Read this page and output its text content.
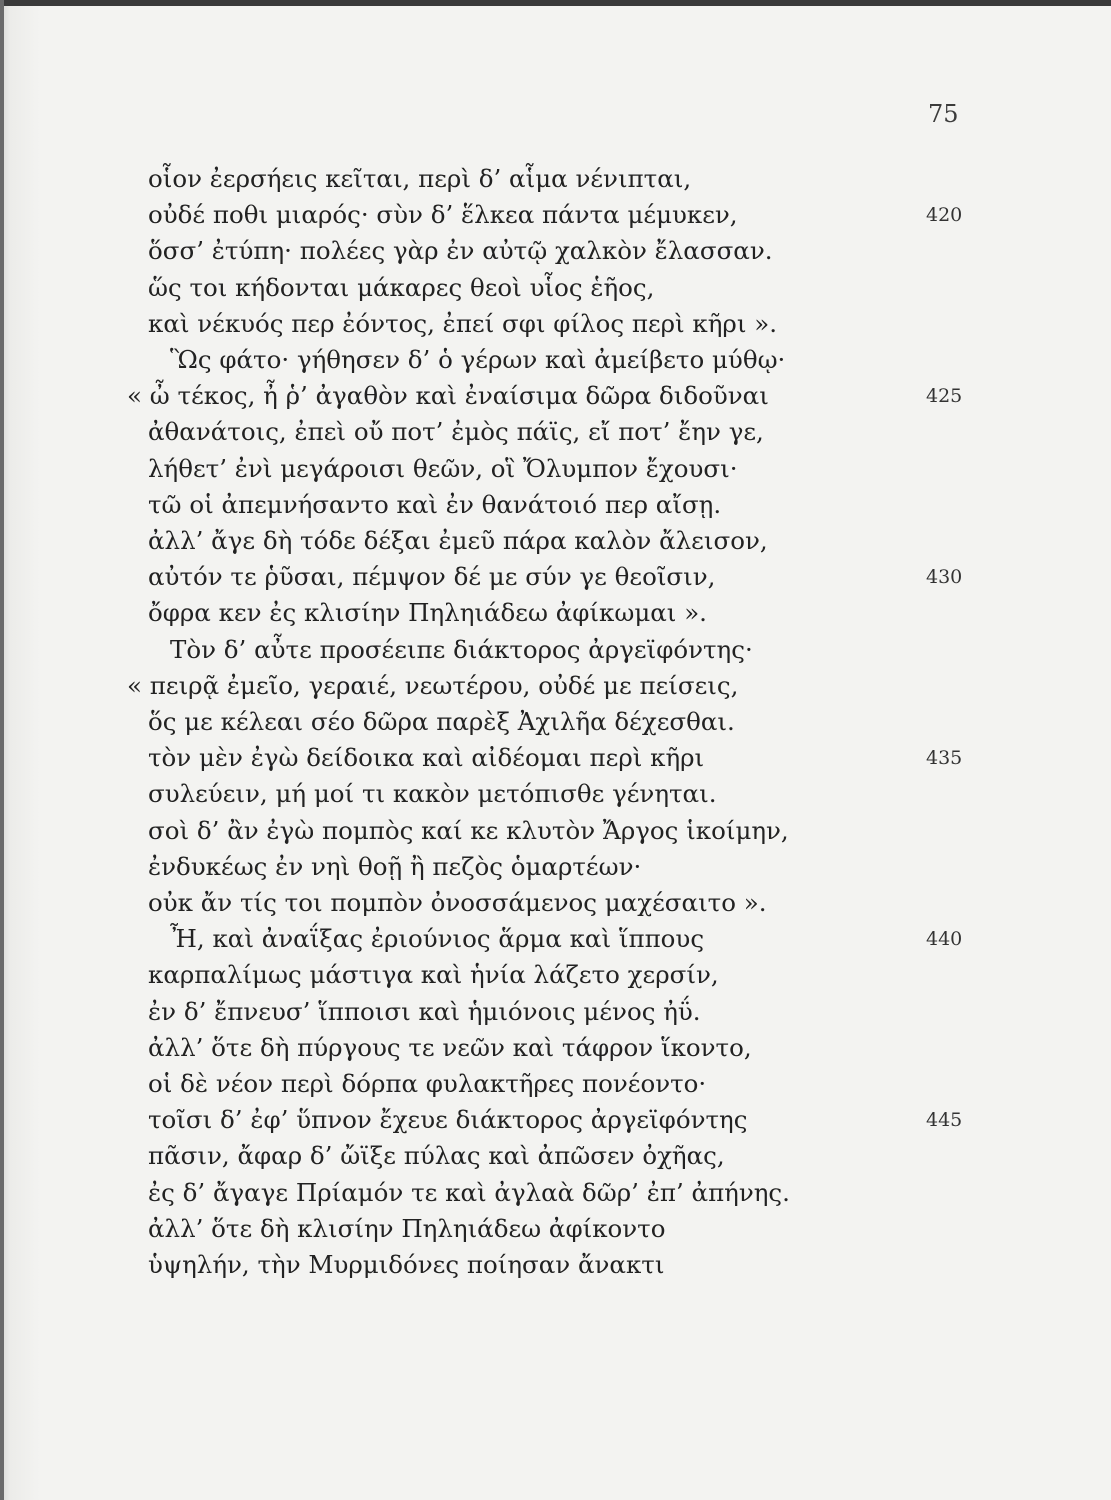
75
οἷον ἐερσήεις κεῖται, περὶ δ’ αἷμα νένιπται,
οὐδέ ποθι μιαρός· σὺν δ’ ἕλκεα πάντα μέμυκεν,	420
ὅσσ’ ἐτύπη· πολέες γὰρ ἐν αὐτῷ χαλκὸν ἔλασσαν.
ὥς τοι κήδονται μάκαρες θεοὶ υἷος ἑῆος,
καὶ νέκυός περ ἐόντος, ἐπεί σφι φίλος περὶ κῆρι ».
Ὣς φάτο· γήθησεν δ’ ὁ γέρων καὶ ἀμείβετο μύθῳ·
« ὦ τέκος, ἦ ῥ’ ἀγαθὸν καὶ ἐναίσιμα δῶρα διδοῦναι	425
ἀθανάτοις, ἐπεὶ οὔ ποτ’ ἐμὸς πάϊς, εἴ ποτ’ ἔην γε,
λήθετ’ ἐνὶ μεγάροισι θεῶν, οἳ Ὄλυμπον ἔχουσι·
τῶ οἱ ἀπεμνήσαντο καὶ ἐν θανάτοιό περ αἴσῃ.
ἀλλ’ ἄγε δὴ τόδε δέξαι ἐμεῦ πάρα καλὸν ἄλεισον,
αὐτόν τε ῥῦσαι, πέμψον δέ με σύν γε θεοῖσιν,	430
ὄφρα κεν ἐς κλισίην Πηληιάδεω ἀφίκωμαι ».
Τὸν δ’ αὖτε προσέειπε διάκτορος ἀργεϊφόντης·
« πειρᾷ ἐμεῖο, γεραιέ, νεωτέρου, οὐδέ με πείσεις,
ὅς με κέλεαι σέο δῶρα παρὲξ Ἀχιλῆα δέχεσθαι.
τὸν μὲν ἐγὼ δείδοικα καὶ αἰδέομαι περὶ κῆρι	435
συλεύειν, μή μοί τι κακὸν μετόπισθε γένηται.
σοὶ δ’ ἂν ἐγὼ πομπὸς καί κε κλυτὸν Ἄργος ἱκοίμην,
ἐνδυκέως ἐν νηὶ θοῇ ἢ πεζὸς ὁμαρτέων·
οὐκ ἄν τίς τοι πομπὸν ὀνοσσάμενος μαχέσαιτο ».
Ἦ, καὶ ἀναΐξας ἐριούνιος ἅρμα καὶ ἵππους	440
καρπαλίμως μάστιγα καὶ ἡνία λάζετο χερσίν,
ἐν δ’ ἔπνευσ’ ἵπποισι καὶ ἡμιόνοις μένος ἠΰ.
ἀλλ’ ὅτε δὴ πύργους τε νεῶν καὶ τάφρον ἵκοντο,
οἱ δὲ νέον περὶ δόρπα φυλακτῆρες πονέοντο·
τοῖσι δ’ ἐφ’ ὕπνον ἔχευε διάκτορος ἀργεϊφόντης	445
πᾶσιν, ἄφαρ δ’ ὤϊξε πύλας καὶ ἀπῶσεν ὀχῆας,
ἐς δ’ ἄγαγε Πρίαμόν τε καὶ ἀγλαὰ δῶρ’ ἐπ’ ἀπήνης.
ἀλλ’ ὅτε δὴ κλισίην Πηληιάδεω ἀφίκοντο
ὑψηλήν, τὴν Μυρμιδόνες ποίησαν ἄνακτι
